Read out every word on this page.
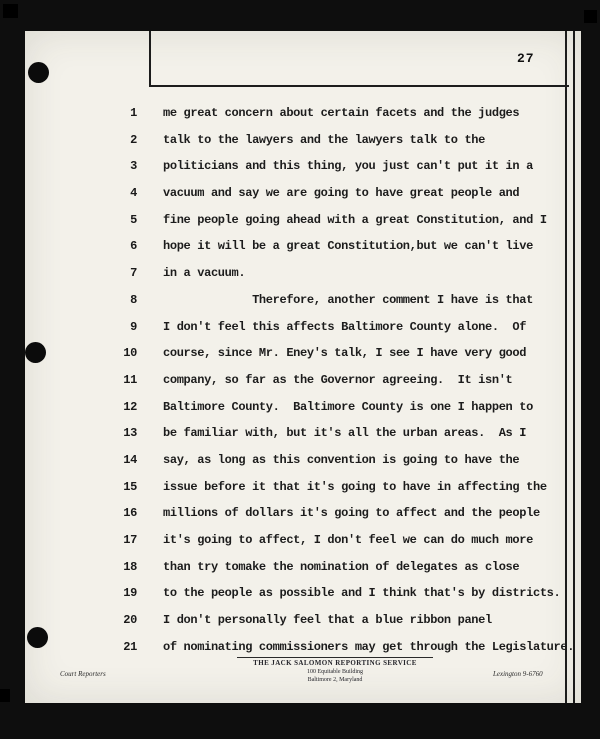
27
1 me great concern about certain facets and the judges
2 talk to the lawyers and the lawyers talk to the
3 politicians and this thing, you just can't put it in a
4 vacuum and say we are going to have great people and
5 fine people going ahead with a great Constitution, and I
6 hope it will be a great Constitution,but we can't live
7 in a vacuum.
8 Therefore, another comment I have is that
9 I don't feel this affects Baltimore County alone.  Of
10 course, since Mr. Eney's talk, I see I have very good
11 company, so far as the Governor agreeing.  It isn't
12 Baltimore County.  Baltimore County is one I happen to
13 be familiar with, but it's all the urban areas.  As I
14 say, as long as this convention is going to have the
15 issue before it that it's going to have in affecting the
16 millions of dollars it's going to affect and the people
17 it's going to affect, I don't feel we can do much more
18 than try tomake the nomination of delegates as close
19 to the people as possible and I think that's by districts.
20 I don't personally feel that a blue ribbon panel
21 of nominating commissioners may get through the Legislature.
THE JACK SALOMON REPORTING SERVICE
100 Equitable Building
Baltimore 2, Maryland
Court Reporters	Lexington 9-6760
